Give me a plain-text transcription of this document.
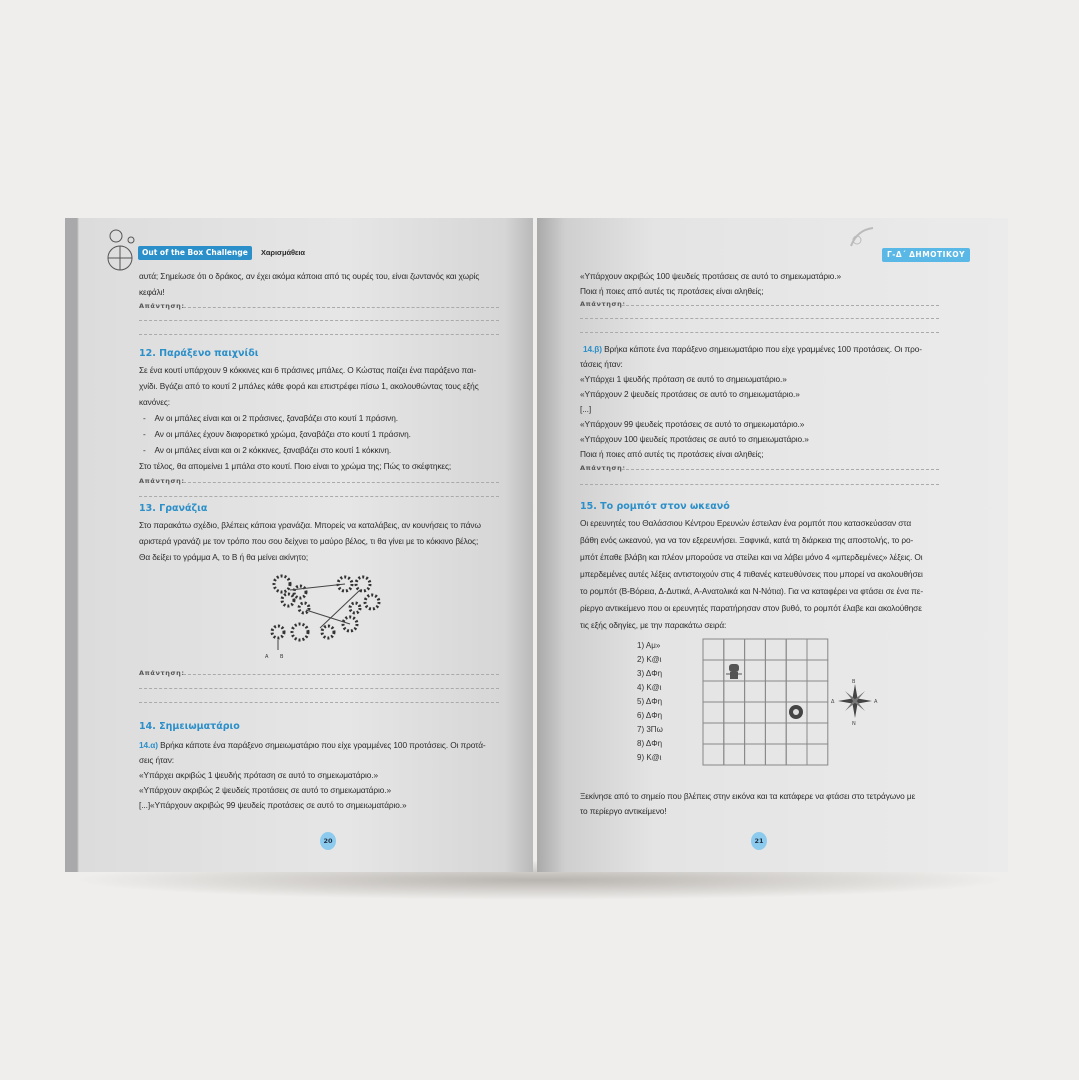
Out of the Box Challenge	Χαρισμάθεια
αυτά; Σημείωσε ότι ο δράκος, αν έχει ακόμα κάποια από τις ουρές του, είναι ζωντανός και χωρίς
κεφάλι!
Απάντηση:
12. Παράξενο παιχνίδι
Σε ένα κουτί υπάρχουν 9 κόκκινες και 6 πράσινες μπάλες. Ο Κώστας παίζει ένα παράξενο παι-
χνίδι. Βγάζει από το κουτί 2 μπάλες κάθε φορά και επιστρέφει πίσω 1, ακολουθώντας τους εξής
κανόνες:
-    Αν οι μπάλες είναι και οι 2 πράσινες, ξαναβάζει στο κουτί 1 πράσινη.
-    Αν οι μπάλες έχουν διαφορετικό χρώμα, ξαναβάζει στο κουτί 1 πράσινη.
-    Αν οι μπάλες είναι και οι 2 κόκκινες, ξαναβάζει στο κουτί 1 κόκκινη.
Στο τέλος, θα απομείνει 1 μπάλα στο κουτί. Ποιο είναι το χρώμα της; Πώς το σκέφτηκες;
Απάντηση:
13. Γρανάζια
Στο παρακάτω σχέδιο, βλέπεις κάποια γρανάζια. Μπορείς να καταλάβεις, αν κουνήσεις το πάνω
αριστερά γρανάζι με τον τρόπο που σου δείχνει το μαύρο βέλος, τι θα γίνει με το κόκκινο βέλος;
Θα δείξει το γράμμα Α, το Β ή θα μείνει ακίνητο;
A B
Απάντηση:
14. Σημειωματάριο
14.α) Βρήκα κάποτε ένα παράξενο σημειωματάριο που είχε γραμμένες 100 προτάσεις. Οι προτά-
σεις ήταν:
«Υπάρχει ακριβώς 1 ψευδής πρόταση σε αυτό το σημειωματάριο.»
«Υπάρχουν ακριβώς 2 ψευδείς προτάσεις σε αυτό το σημειωματάριο.»
[...]«Υπάρχουν ακριβώς 99 ψευδείς προτάσεις σε αυτό το σημειωματάριο.»
20
Γ-Δ΄ ΔΗΜΟΤΙΚΟΥ
«Υπάρχουν ακριβώς 100 ψευδείς προτάσεις σε αυτό το σημειωματάριο.»
Ποια ή ποιες από αυτές τις προτάσεις είναι αληθείς;
Απάντηση:
14.β) Βρήκα κάποτε ένα παράξενο σημειωματάριο που είχε γραμμένες 100 προτάσεις. Οι προ-
τάσεις ήταν:
«Υπάρχει 1 ψευδής πρόταση σε αυτό το σημειωματάριο.»
«Υπάρχουν 2 ψευδείς προτάσεις σε αυτό το σημειωματάριο.»
[...]
«Υπάρχουν 99 ψευδείς προτάσεις σε αυτό το σημειωματάριο.»
«Υπάρχουν 100 ψευδείς προτάσεις σε αυτό το σημειωματάριο.»
Ποια ή ποιες από αυτές τις προτάσεις είναι αληθείς;
Απάντηση:
15. Το ρομπότ στον ωκεανό
Οι ερευνητές του Θαλάσσιου Κέντρου Ερευνών έστειλαν ένα ρομπότ που κατασκεύασαν στα
βάθη ενός ωκεανού, για να τον εξερευνήσει. Ξαφνικά, κατά τη διάρκεια της αποστολής, το ρο-
μπότ έπαθε βλάβη και πλέον μπορούσε να στείλει και να λάβει μόνο 4 «μπερδεμένες» λέξεις. Οι
μπερδεμένες αυτές λέξεις αντιστοιχούν στις 4 πιθανές κατευθύνσεις που μπορεί να ακολουθήσει
το ρομπότ (Β-Βόρεια, Δ-Δυτικά, Α-Ανατολικά και Ν-Νότια). Για να καταφέρει να φτάσει σε ένα πε-
ρίεργο αντικείμενο που οι ερευνητές παρατήρησαν στον βυθό, το ρομπότ έλαβε και ακολούθησε
τις εξής οδηγίες, με την παρακάτω σειρά:
1) Αμ»
2) Κ@ι
3) ΔΦη
4) Κ@ι
5) ΔΦη
6) ΔΦη
7) 3Πω
8) ΔΦη
9) Κ@ι
B
Δ	A
N
Ξεκίνησε από το σημείο που βλέπεις στην εικόνα και τα κατάφερε να φτάσει στο τετράγωνο με
το περίεργο αντικείμενο!
21
